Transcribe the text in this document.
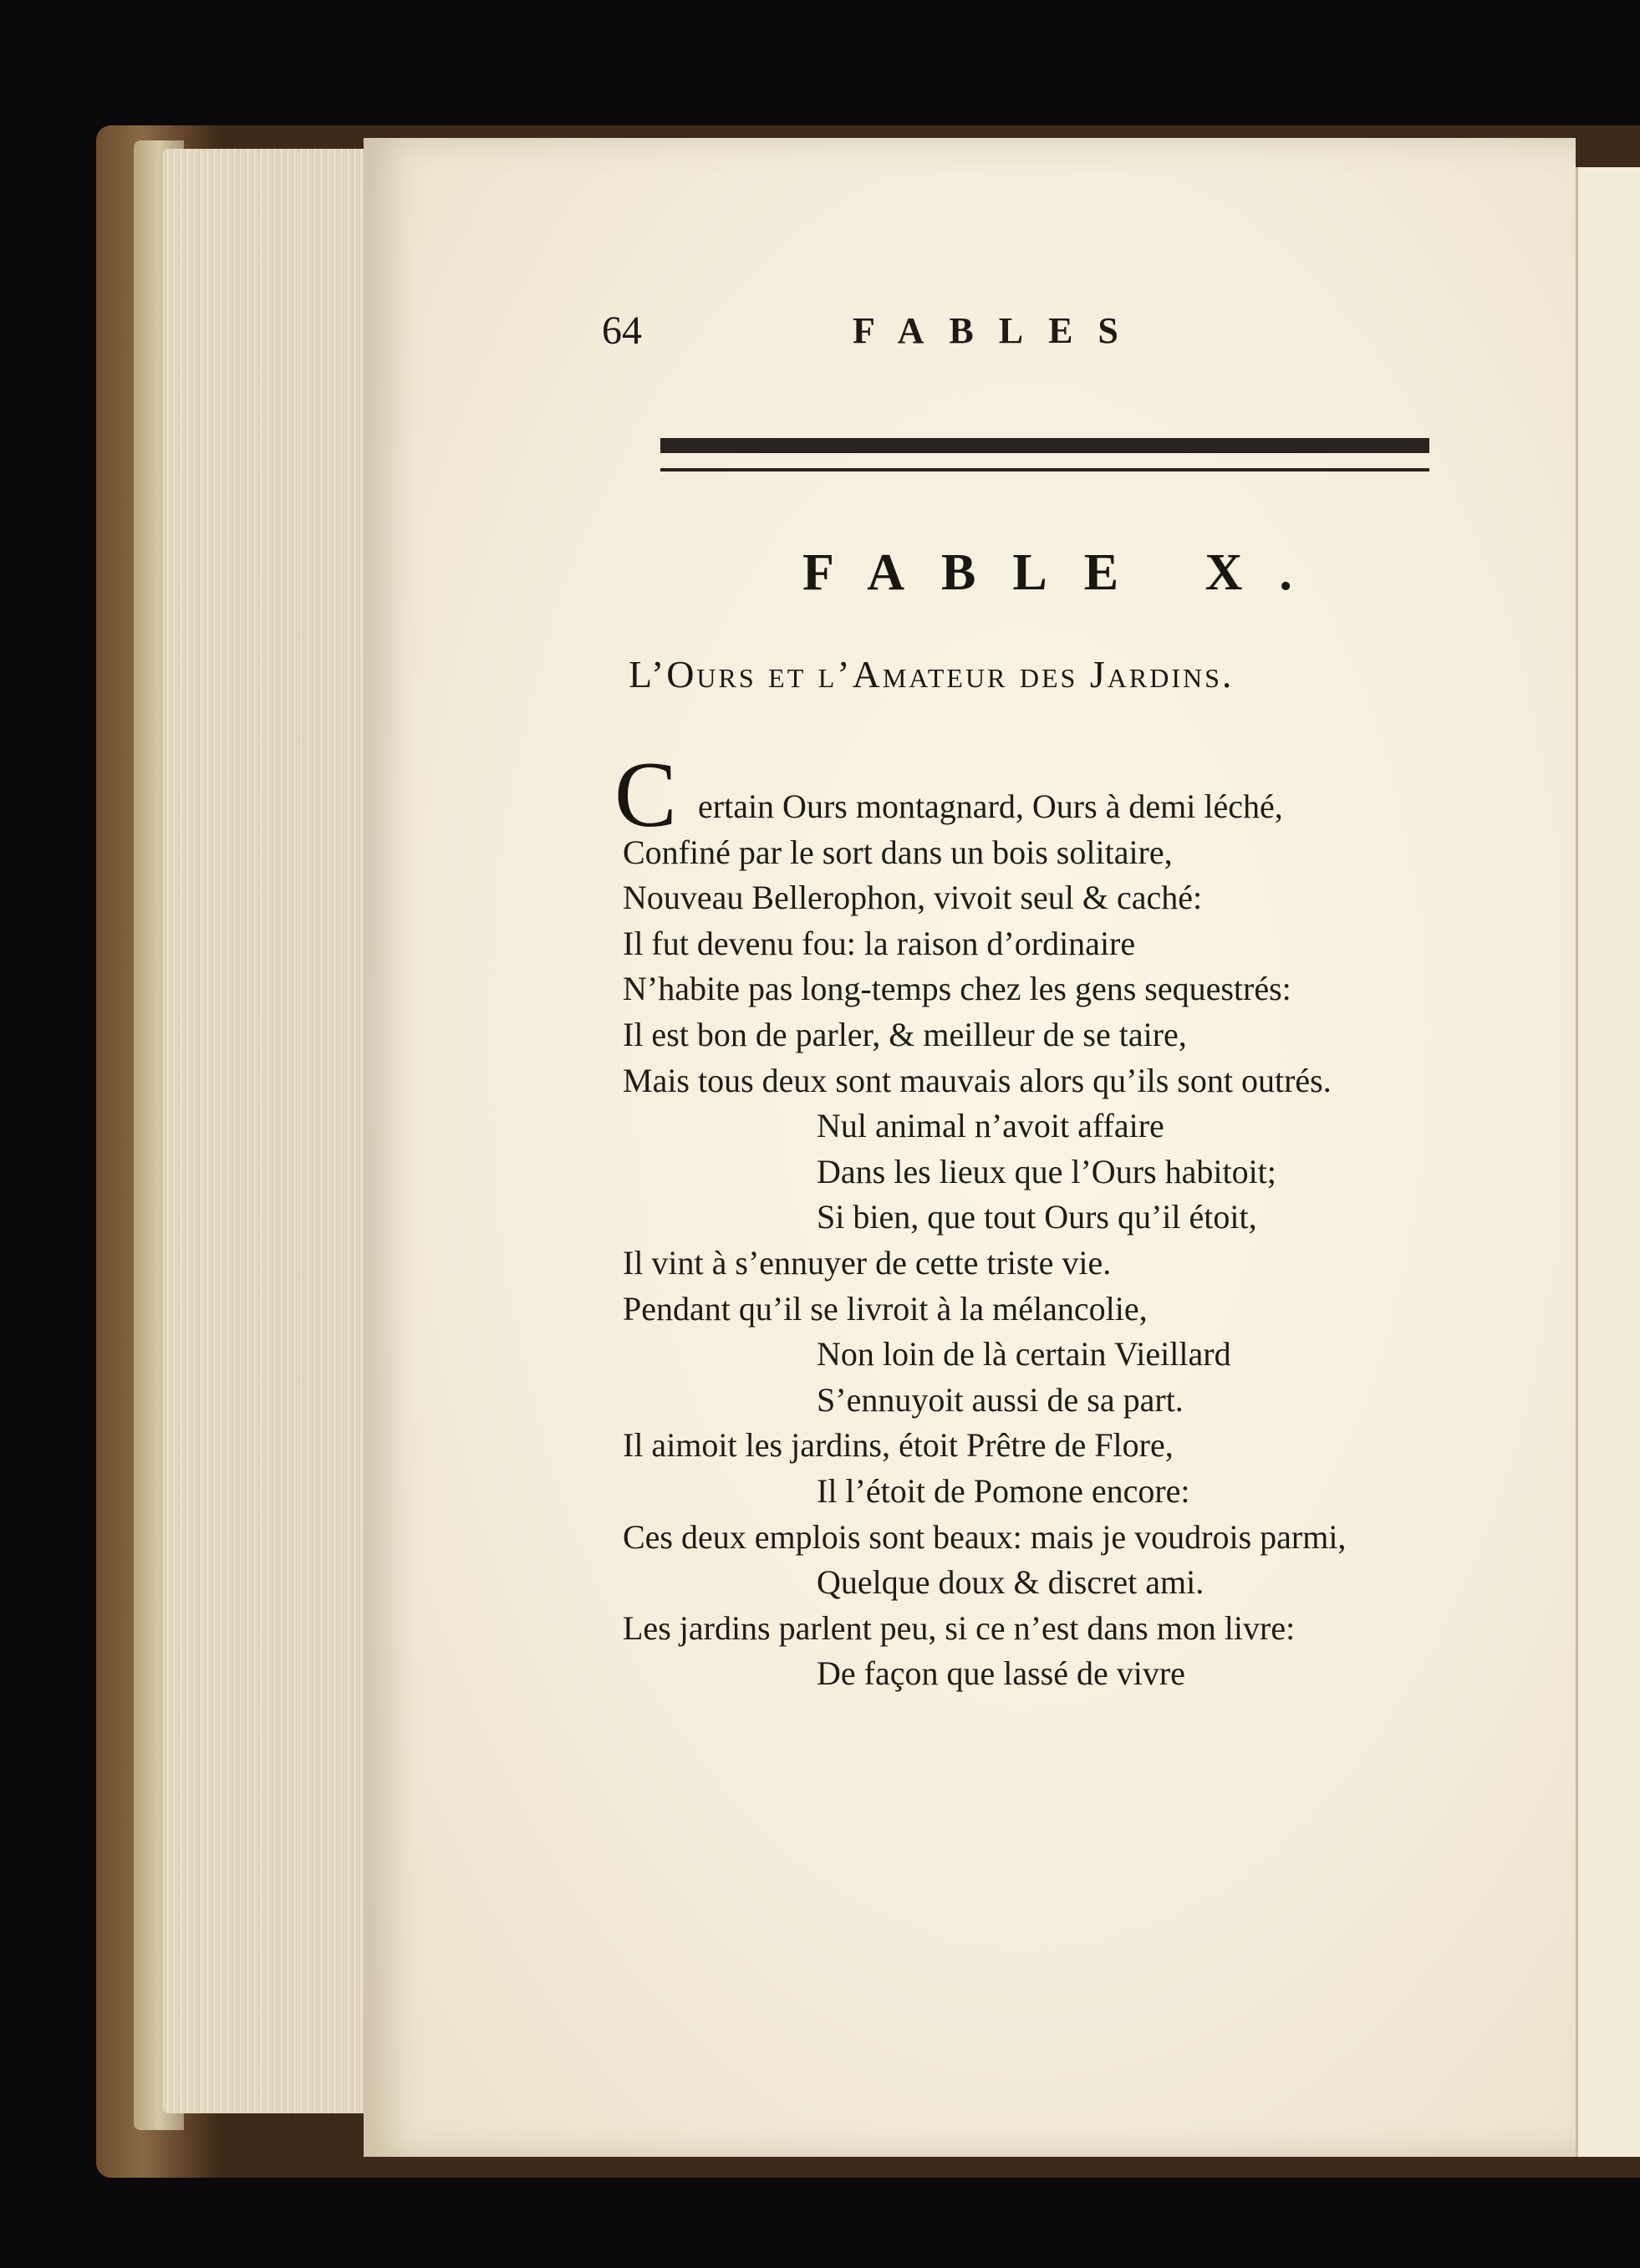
64	FABLES
FABLE X.
L’Ours et l’Amateur des Jardins.
C ertain Ours montagnard, Ours à demi léché,
Confiné par le sort dans un bois solitaire,
Nouveau Bellerophon, vivoit seul & caché:
Il fut devenu fou: la raison d’ordinaire
N’habite pas long-temps chez les gens sequestrés:
Il est bon de parler, & meilleur de se taire,
Mais tous deux sont mauvais alors qu’ils sont outrés.
Nul animal n’avoit affaire
Dans les lieux que l’Ours habitoit;
Si bien, que tout Ours qu’il étoit,
Il vint à s’ennuyer de cette triste vie.
Pendant qu’il se livroit à la mélancolie,
Non loin de là certain Vieillard
S’ennuyoit aussi de sa part.
Il aimoit les jardins, étoit Prêtre de Flore,
Il l’étoit de Pomone encore:
Ces deux emplois sont beaux: mais je voudrois parmi,
Quelque doux & discret ami.
Les jardins parlent peu, si ce n’est dans mon livre:
De façon que lassé de vivre
